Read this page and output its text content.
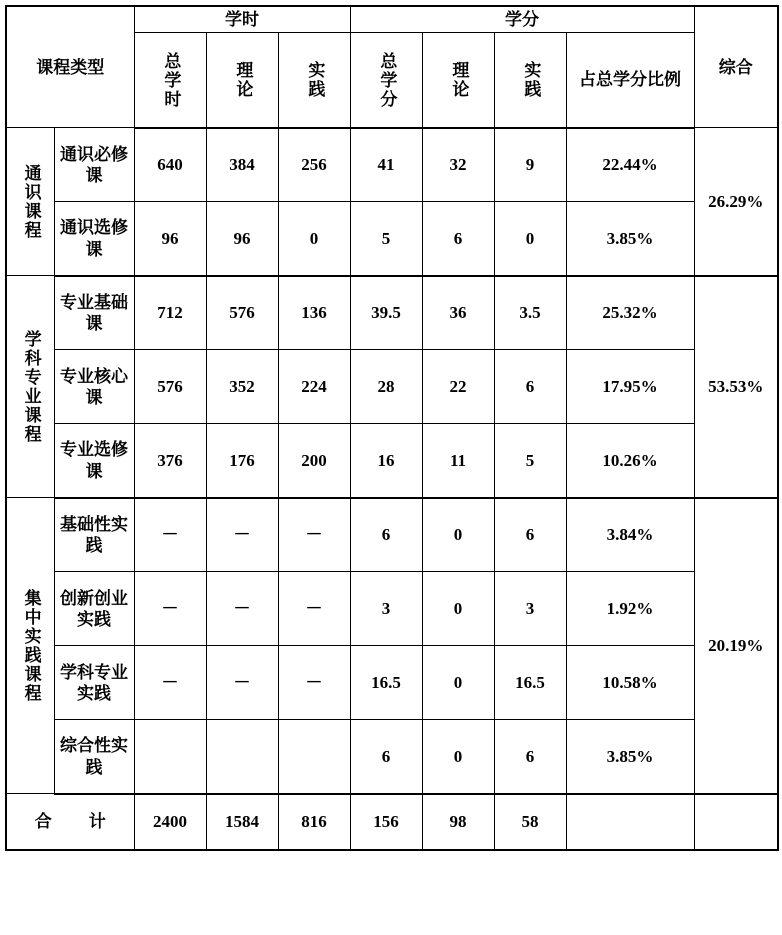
课程类型		学时			学分				综合

		总学时	理论	实践	总学分	理论	实践	占总学分比例	

通识课程	通识必修课	640	384	256	41	32	9	22.44%	26.29%
	通识选修课	96	96	0	5	6	0	3.85%	

学科专业课程	专业基础课	712	576	136	39.5	36	3.5	25.32%	53.53%
	专业核心课	576	352	224	28	22	6	17.95%	
	专业选修课	376	176	200	16	11	5	10.26%	

集中实践课程	基础性实践	－	－	－	6	0	6	3.84%	20.19%
	创新创业实践	－	－	－	3	0	3	1.92%	
	学科专业实践	－	－	－	16.5	0	16.5	10.58%	
	综合性实践				6	0	6	3.85%	
合　计		2400	1584	816	156	98	58		
